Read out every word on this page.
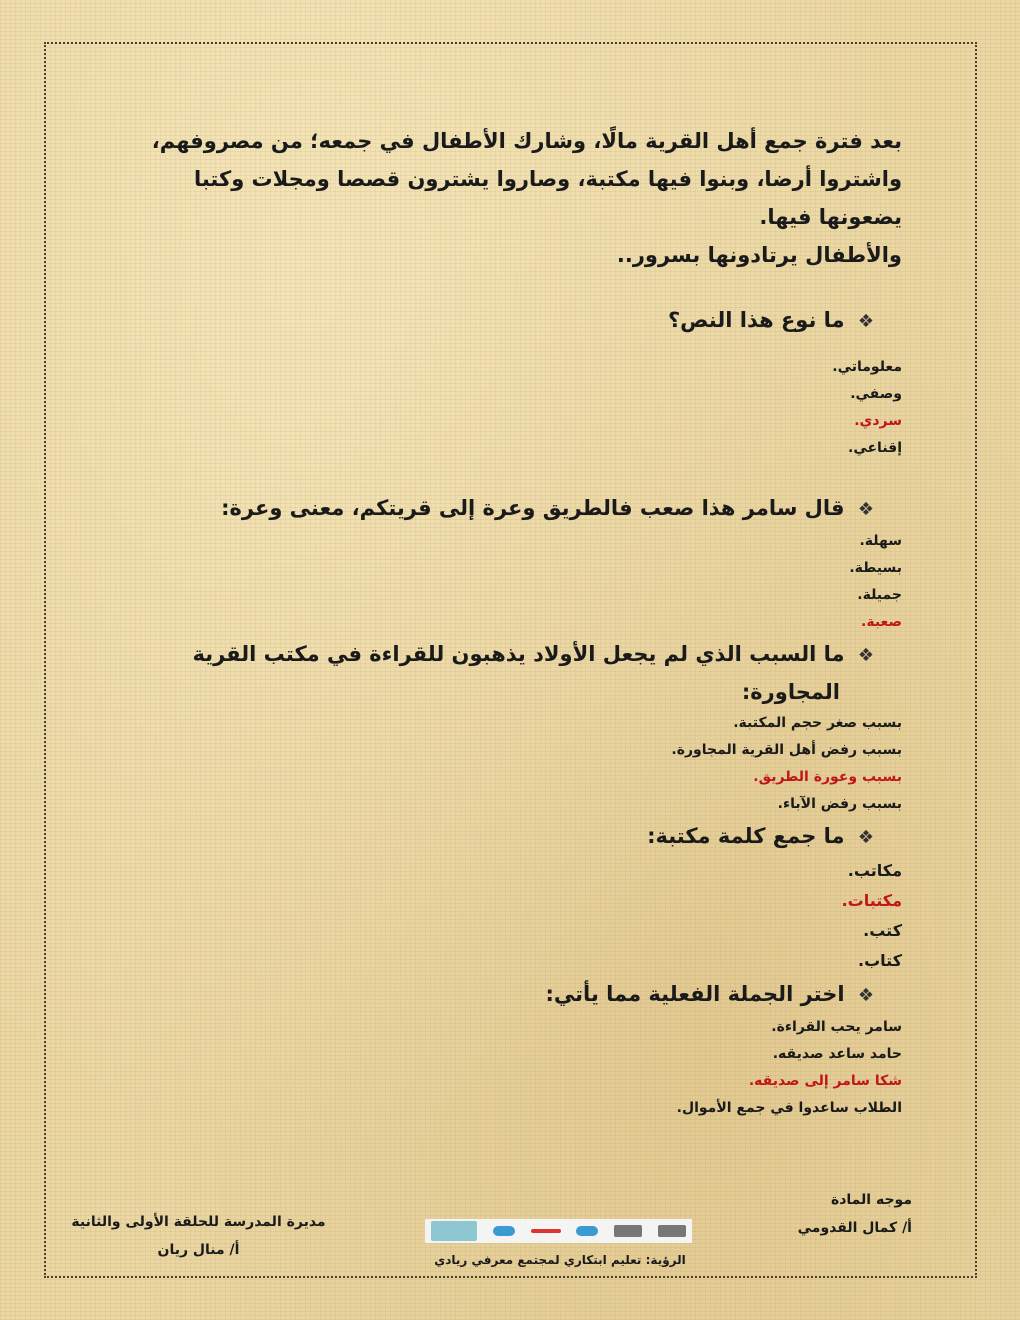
بعد فترة جمع أهل القرية مالًا، وشارك الأطفال في جمعه؛ من مصروفهم،
واشتروا أرضا، وبنوا فيها مكتبة، وصاروا يشترون قصصا ومجلات وكتبا
يضعونها فيها.
والأطفال يرتادونها بسرور..
❖ ما نوع هذا النص؟
معلوماتي.
وصفي.
سردي.
إقناعي.
❖ قال سامر هذا صعب فالطريق وعرة إلى قريتكم، معنى وعرة:
سهلة.
بسيطة.
جميلة.
صعبة.
❖ ما السبب الذي لم يجعل الأولاد يذهبون للقراءة في مكتب القرية
المجاورة:
بسبب صغر حجم المكتبة.
بسبب رفض أهل القرية المجاورة.
بسبب وعورة الطريق.
بسبب رفض الآباء.
❖ ما جمع كلمة مكتبة:
مكاتب.
مكتبات.
كتب.
كتاب.
❖ اختر الجملة الفعلية مما يأتي:
سامر يحب القراءة.
حامد ساعد صديقه.
شكا سامر إلى صديقه.
الطلاب ساعدوا في جمع الأموال.
موجه المادة
أ/ كمال القدومي
مديرة المدرسة للحلقة الأولى والثانية
أ/ منال ريان
الرؤية: تعليم ابتكاري لمجتمع معرفي ريادي
